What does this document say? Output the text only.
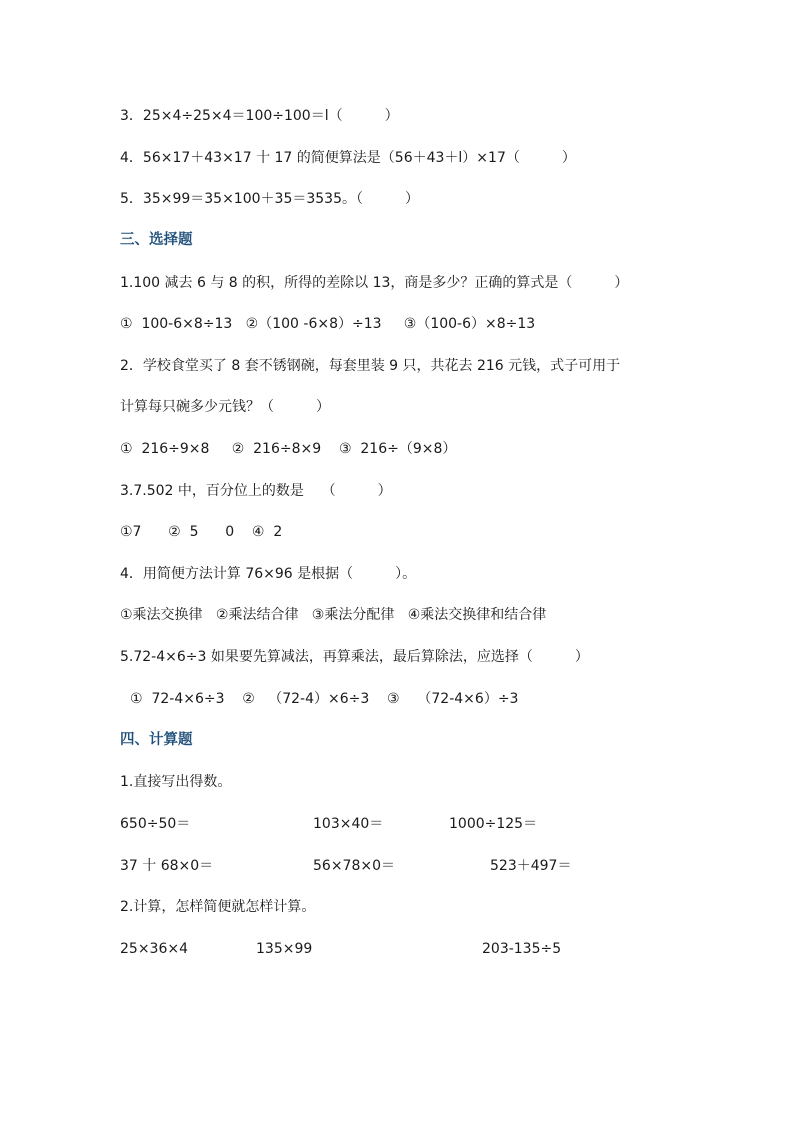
3．25×4÷25×4＝100÷100＝l（　　　）
4．56×17＋43×17 十 17 的简便算法是（56＋43＋l）×17（　　　）
5．35×99＝35×100＋35＝3535。（　　　）
三、选择题
1.100 减去 6 与 8 的积，所得的差除以 13，商是多少？正确的算式是（　　　）
①  100-6×8÷13   ②（100 -6×8）÷13     ③（100-6）×8÷13
2．学校食堂买了 8 套不锈钢碗，每套里装 9 只，共花去 216 元钱，式子可用于
计算每只碗多少元钱？（　　　）
①  216÷9×8     ②  216÷8×9    ③  216÷（9×8）
3.7.502 中，百分位上的数是    （　　　）
①7      ②  5      0    ④  2
4．用简便方法计算 76×96 是根据（　　　）。
①乘法交换律   ②乘法结合律   ③乘法分配律   ④乘法交换律和结合律
5.72-4×6÷3 如果要先算减法，再算乘法，最后算除法，应选择（　　　）
①  72-4×6÷3    ②   （72-4）×6÷3    ③    （72-4×6）÷3
四、计算题
1.直接写出得数。
650÷50＝	103×40＝	1000÷125＝
37 十 68×0＝	56×78×0＝	523＋497＝
2.计算，怎样简便就怎样计算。
25×36×4	135×99	203-135÷5
